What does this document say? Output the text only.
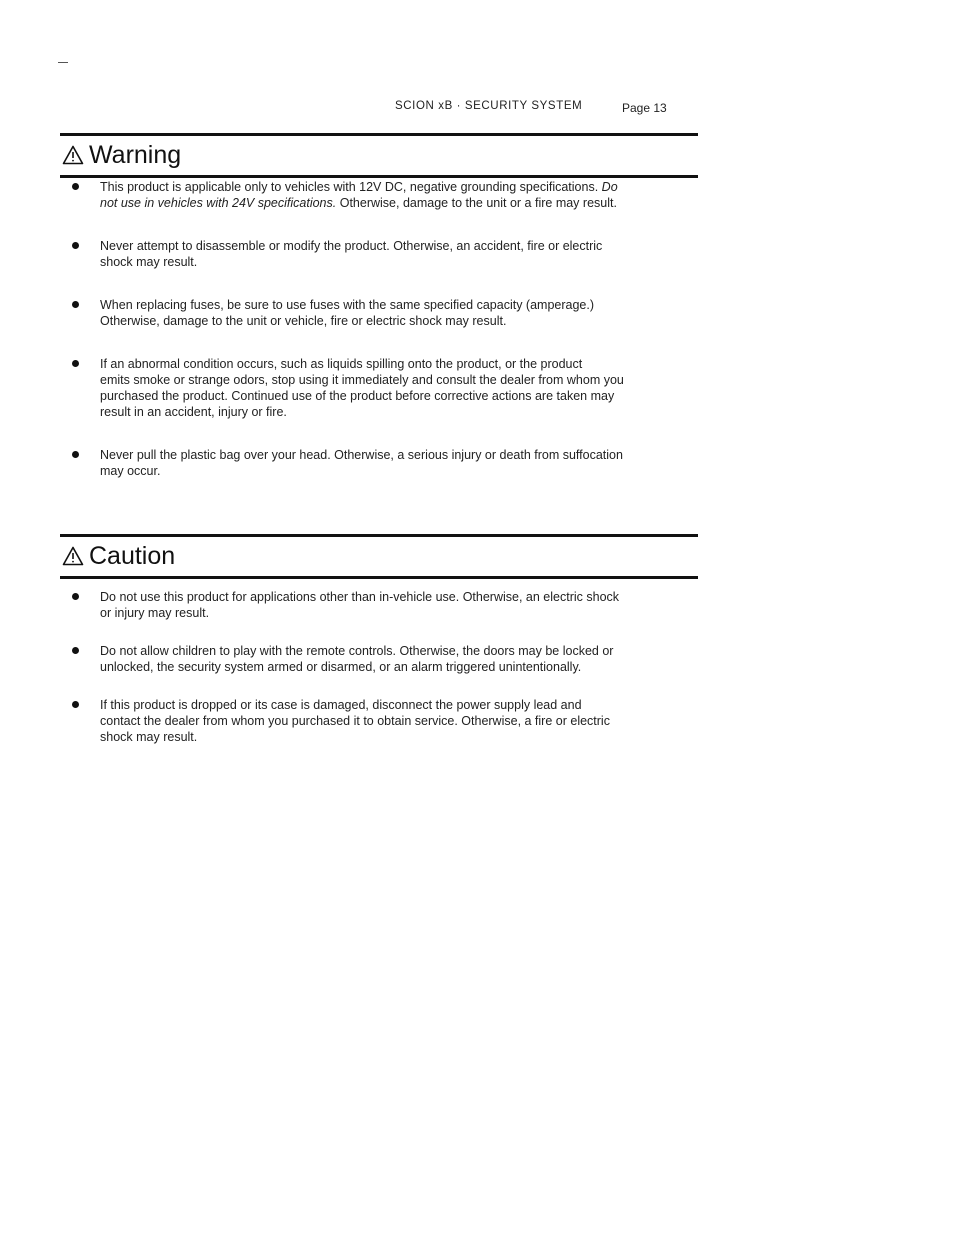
SCION xB · SECURITY SYSTEM	Page 13
Warning
This product is applicable only to vehicles with 12V DC, negative grounding specifications. Do
not use in vehicles with 24V specifications. Otherwise, damage to the unit or a fire may result.
Never attempt to disassemble or modify the product. Otherwise, an accident, fire or electric
shock may result.
When replacing fuses, be sure to use fuses with the same specified capacity (amperage.)
Otherwise, damage to the unit or vehicle, fire or electric shock may result.
If an abnormal condition occurs, such as liquids spilling onto the product, or the product
emits smoke or strange odors, stop using it immediately and consult the dealer from whom you
purchased the product. Continued use of the product before corrective actions are taken may
result in an accident, injury or fire.
Never pull the plastic bag over your head. Otherwise, a serious injury or death from suffocation
may occur.
Caution
Do not use this product for applications other than in-vehicle use. Otherwise, an electric shock
or injury may result.
Do not allow children to play with the remote controls. Otherwise, the doors may be locked or
unlocked, the security system armed or disarmed, or an alarm triggered unintentionally.
If this product is dropped or its case is damaged, disconnect the power supply lead and
contact the dealer from whom you purchased it to obtain service. Otherwise, a fire or electric
shock may result.
